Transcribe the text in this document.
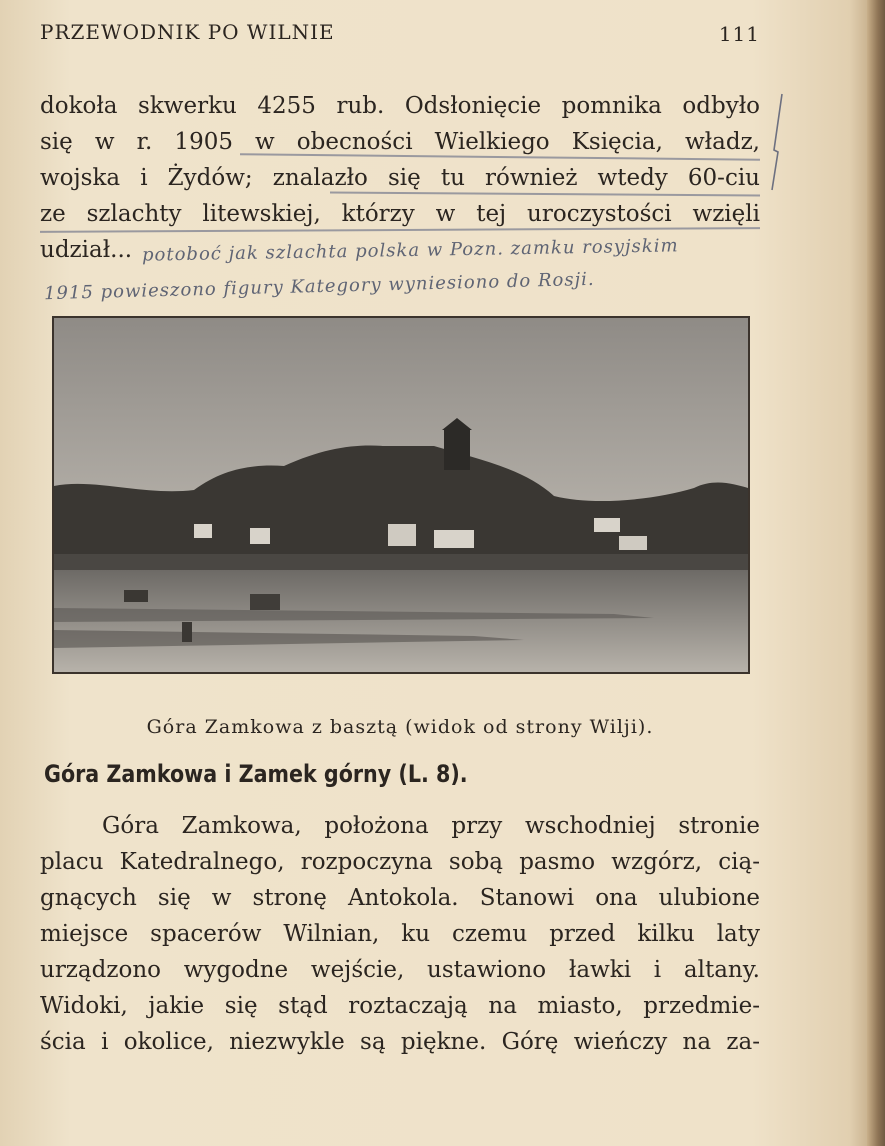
PRZEWODNIK PO WILNIE	111
dokoła skwerku 4255 rub. Odsłonięcie pomnika odbyło
się w r. 1905 w obecności Wielkiego Księcia, władz,
wojska i Żydów; znalazło się tu również wtedy 60-ciu
ze szlachty litewskiej, którzy w tej uroczystości wzięli
udział... potoboć jak szlachta polska w Pozn. zamku rosyjskim
1915 powieszono figury Kategory wyniesiono do Rosji.
Góra Zamkowa z basztą (widok od strony Wilji).
Góra Zamkowa i Zamek górny (L. 8).
Góra Zamkowa, położona przy wschodniej stronie
placu Katedralnego, rozpoczyna sobą pasmo wzgórz, cią-
gnących się w stronę Antokola. Stanowi ona ulubione
miejsce spacerów Wilnian, ku czemu przed kilku laty
urządzono wygodne wejście, ustawiono ławki i altany.
Widoki, jakie się stąd roztaczają na miasto, przedmie-
ścia i okolice, niezwykle są piękne. Górę wieńczy na za-
